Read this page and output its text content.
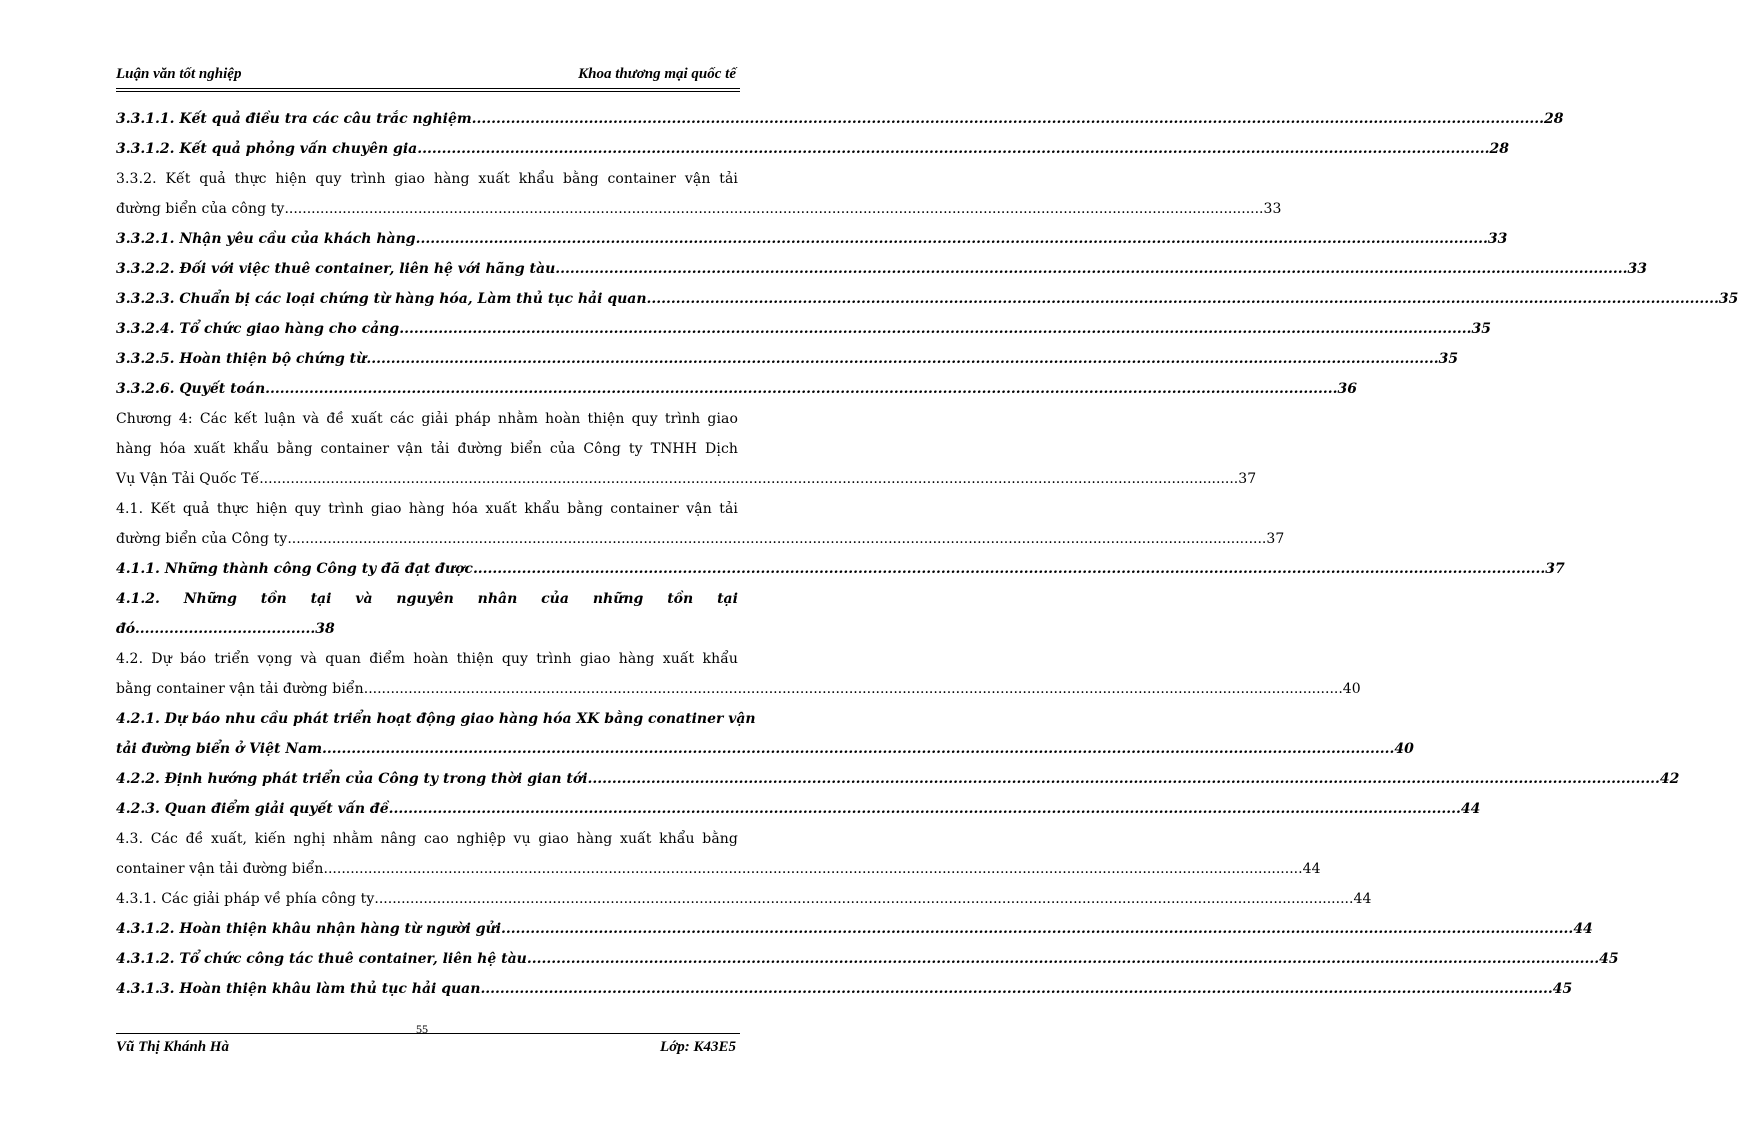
Luận văn tốt nghiệp	Khoa thương mại quốc tế
3.3.1.1. Kết quả điều tra các câu trắc nghiệm ............................................................................................................................................................................................................................ 28
3.3.1.2. Kết quả phỏng vấn chuyên gia ............................................................................................................................................................................................................................ 28
3.3.2. Kết quả thực hiện quy trình giao hàng xuất khẩu bằng container vận tải
đường biển của công ty ............................................................................................................................................................................................................................ 33
3.3.2.1. Nhận yêu cầu của khách hàng ............................................................................................................................................................................................................................ 33
3.3.2.2. Đối với việc thuê container, liên hệ với hãng tàu ............................................................................................................................................................................................................................ 33
3.3.2.3. Chuẩn bị các loại chứng từ hàng hóa, Làm thủ tục hải quan ............................................................................................................................................................................................................................ 35
3.3.2.4. Tổ chức giao hàng cho cảng ............................................................................................................................................................................................................................ 35
3.3.2.5. Hoàn thiện bộ chứng từ ............................................................................................................................................................................................................................ 35
3.3.2.6. Quyết toán ............................................................................................................................................................................................................................ 36
Chương 4: Các kết luận và đề xuất các giải pháp nhằm hoàn thiện quy trình giao
hàng hóa xuất khẩu bằng container vận tải đường biển của Công ty TNHH Dịch
Vụ Vận Tải Quốc Tế ............................................................................................................................................................................................................................ 37
4.1. Kết quả thực hiện quy trình giao hàng hóa xuất khẩu bằng container vận tải
đường biển của Công ty ............................................................................................................................................................................................................................ 37
4.1.1. Những thành công Công ty đã đạt được ............................................................................................................................................................................................................................ 37
4.1.2. Những tồn tại và nguyên nhân của những tồn tại
đó.....................................38
4.2. Dự báo triển vọng và quan điểm hoàn thiện quy trình giao hàng xuất khẩu
bằng container vận tải đường biển ............................................................................................................................................................................................................................ 40
4.2.1. Dự báo nhu cầu phát triển hoạt động giao hàng hóa XK bằng conatiner vận
tải đường biển ở Việt Nam ............................................................................................................................................................................................................................ 40
4.2.2. Định hướng phát triển của Công ty trong thời gian tới ............................................................................................................................................................................................................................ 42
4.2.3. Quan điểm giải quyết vấn đề ............................................................................................................................................................................................................................ 44
4.3. Các đề xuất, kiến nghị nhằm nâng cao nghiệp vụ giao hàng xuất khẩu bằng
container vận tải đường biển ............................................................................................................................................................................................................................ 44
4.3.1. Các giải pháp về phía công ty ............................................................................................................................................................................................................................ 44
4.3.1.2. Hoàn thiện khâu nhận hàng từ người gửi ............................................................................................................................................................................................................................ 44
4.3.1.2. Tổ chức công tác thuê container, liên hệ tàu ............................................................................................................................................................................................................................ 45
4.3.1.3. Hoàn thiện khâu làm thủ tục hải quan ............................................................................................................................................................................................................................ 45
55
Vũ Thị Khánh Hà	Lớp: K43E5
